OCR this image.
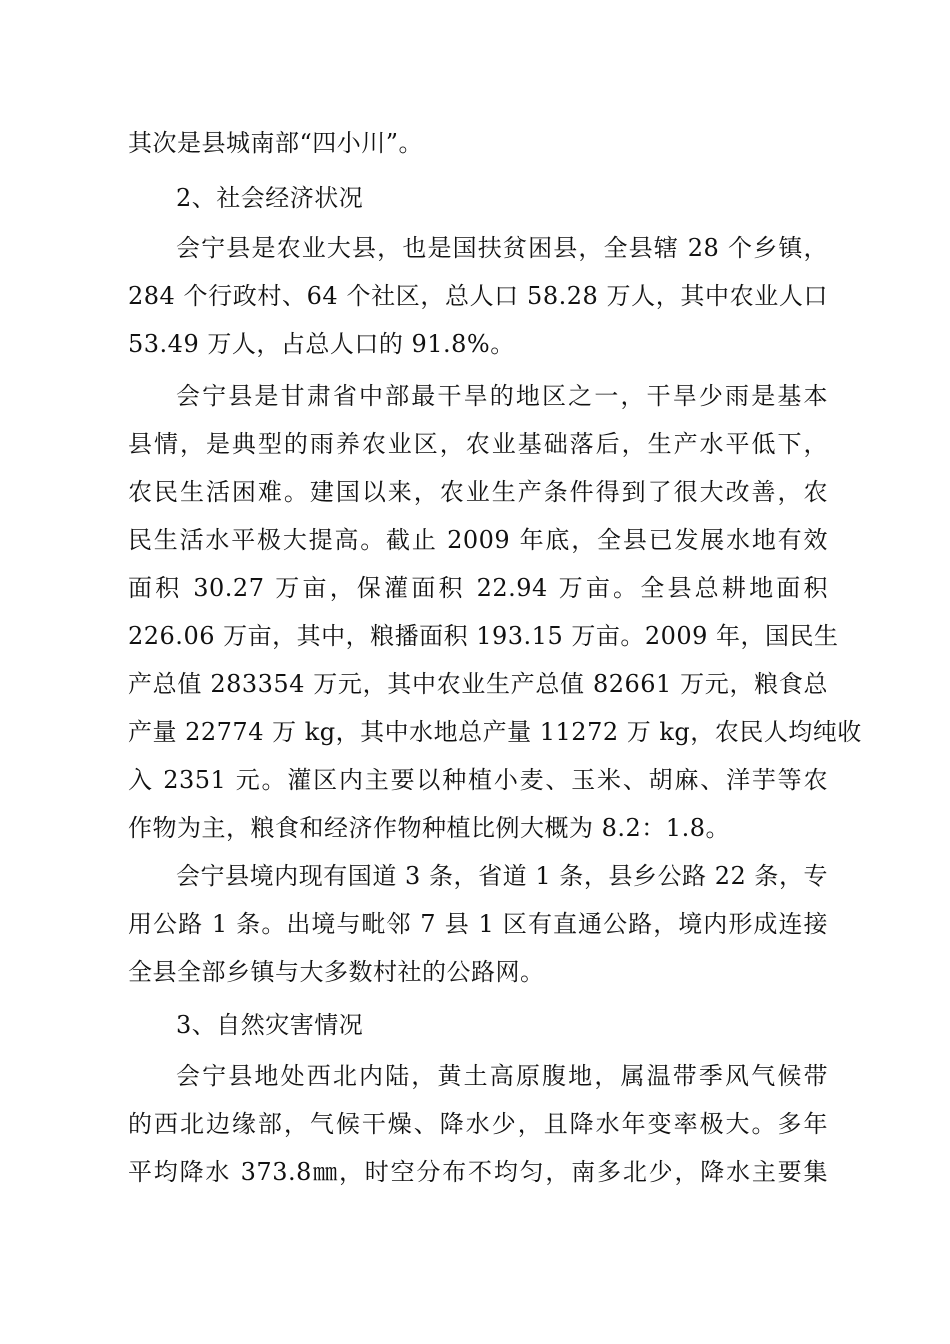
其次是县城南部“四小川”。
2、社会经济状况
会宁县是农业大县，也是国扶贫困县，全县辖 28 个乡镇，
284 个行政村、64 个社区，总人口 58.28 万人，其中农业人口
53.49 万人，占总人口的 91.8%。
会宁县是甘肃省中部最干旱的地区之一，干旱少雨是基本
县情，是典型的雨养农业区，农业基础落后，生产水平低下，
农民生活困难。建国以来，农业生产条件得到了很大改善，农
民生活水平极大提高。截止 2009 年底，全县已发展水地有效
面积 30.27 万亩，保灌面积 22.94 万亩。全县总耕地面积
226.06 万亩，其中，粮播面积 193.15 万亩。2009 年，国民生
产总值 283354 万元，其中农业生产总值 82661 万元，粮食总
产量 22774 万 kg，其中水地总产量 11272 万 kg，农民人均纯收
入 2351 元。灌区内主要以种植小麦、玉米、胡麻、洋芋等农
作物为主，粮食和经济作物种植比例大概为 8.2：1.8。
会宁县境内现有国道 3 条，省道 1 条，县乡公路 22 条，专
用公路 1 条。出境与毗邻 7 县 1 区有直通公路，境内形成连接
全县全部乡镇与大多数村社的公路网。
3、自然灾害情况
会宁县地处西北内陆，黄土高原腹地，属温带季风气候带
的西北边缘部，气候干燥、降水少，且降水年变率极大。多年
平均降水 373.8㎜，时空分布不均匀，南多北少，降水主要集
